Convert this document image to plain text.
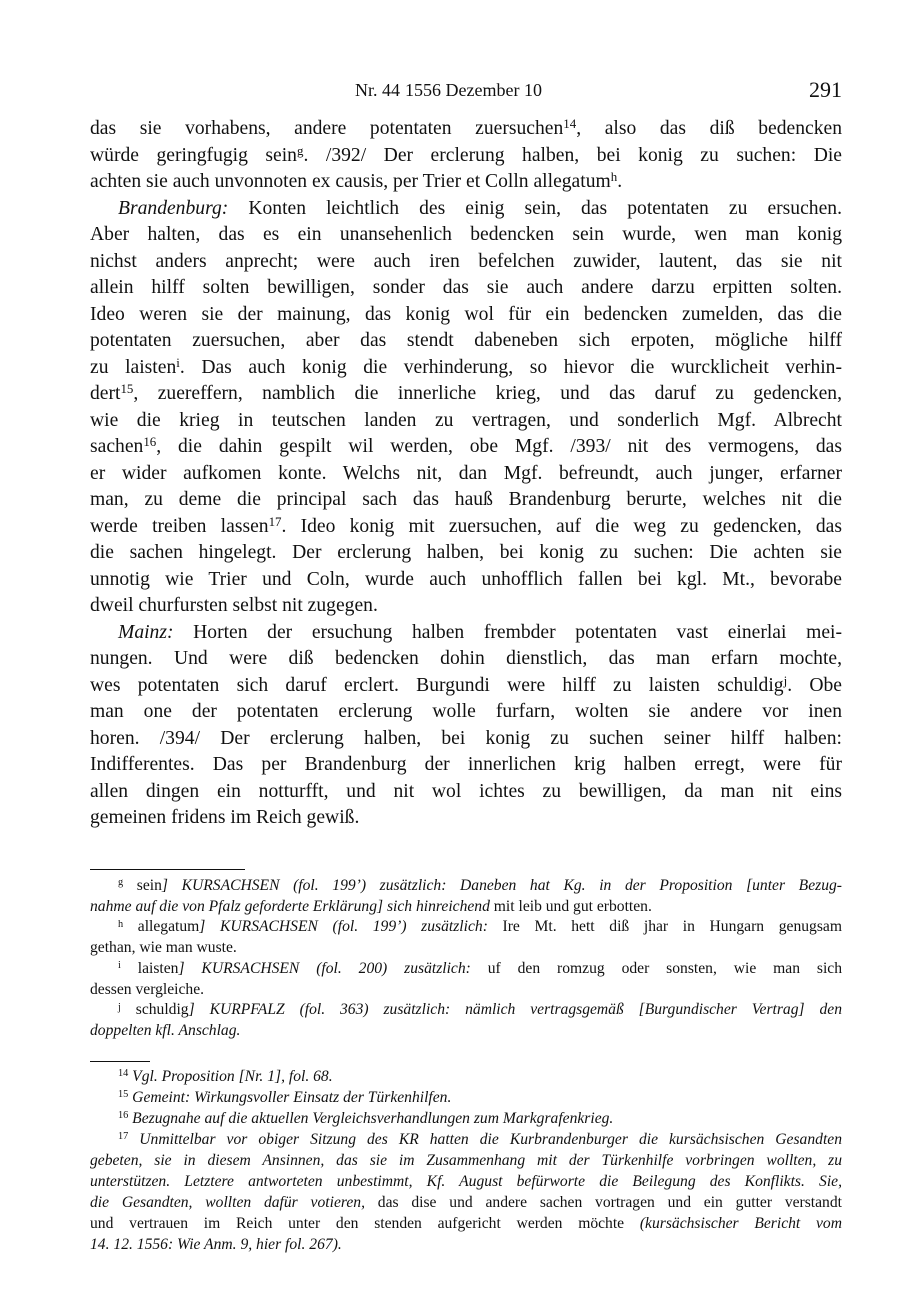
Nr. 44 1556 Dezember 10	291
das sie vorhabens, andere potentaten zuersuchen$^{14}$, also das diß bedencken
würde geringfugig sein$^g$. /392/ Der erclerung halben, bei konig zu suchen: Die
achten sie auch unvonnoten ex causis, per Trier et Colln allegatum$^h$.
Brandenburg: Konten leichtlich des einig sein, das potentaten zu ersuchen.
Aber halten, das es ein unansehenlich bedencken sein wurde, wen man konig
nichst anders anprecht; were auch iren befelchen zuwider, lautent, das sie nit
allein hilff solten bewilligen, sonder das sie auch andere darzu erpitten solten.
Ideo weren sie der mainung, das konig wol für ein bedencken zumelden, das die
potentaten zuersuchen, aber das stendt dabeneben sich erpoten, mögliche hilff
zu laisten$^i$. Das auch konig die verhinderung, so hievor die wurcklicheit verhin-
dert$^{15}$, zuereffern, namblich die innerliche krieg, und das daruf zu gedencken,
wie die krieg in teutschen landen zu vertragen, und sonderlich Mgf. Albrecht
sachen$^{16}$, die dahin gespilt wil werden, obe Mgf. /393/ nit des vermogens, das
er wider aufkomen konte. Welchs nit, dan Mgf. befreundt, auch junger, erfarner
man, zu deme die principal sach das hauß Brandenburg berurte, welches nit die
werde treiben lassen$^{17}$. Ideo konig mit zuersuchen, auf die weg zu gedencken, das
die sachen hingelegt. Der erclerung halben, bei konig zu suchen: Die achten sie
unnotig wie Trier und Coln, wurde auch unhofflich fallen bei kgl. Mt., bevorabe
dweil churfursten selbst nit zugegen.
Mainz: Horten der ersuchung halben frembder potentaten vast einerlai mei-
nungen. Und were diß bedencken dohin dienstlich, das man erfarn mochte,
wes potentaten sich daruf erclert. Burgundi were hilff zu laisten schuldig$^j$. Obe
man one der potentaten erclerung wolle furfarn, wolten sie andere vor inen
horen. /394/ Der erclerung halben, bei konig zu suchen seiner hilff halben:
Indifferentes. Das per Brandenburg der innerlichen krig halben erregt, were für
allen dingen ein notturfft, und nit wol ichtes zu bewilligen, da man nit eins
gemeinen fridens im Reich gewiß.
$^g$ sein] KURSACHSEN (fol. 199’) zusätzlich: Daneben hat Kg. in der Proposition [unter Bezug-
nahme auf die von Pfalz geforderte Erklärung] sich hinreichend mit leib und gut erbotten.
$^h$ allegatum] KURSACHSEN (fol. 199’) zusätzlich: Ire Mt. hett diß jhar in Hungarn genugsam
gethan, wie man wuste.
$^i$ laisten] KURSACHSEN (fol. 200) zusätzlich: uf den romzug oder sonsten, wie man sich
dessen vergleiche.
$^j$ schuldig] KURPFALZ (fol. 363) zusätzlich: nämlich vertragsgemäß [Burgundischer Vertrag] den
doppelten kfl. Anschlag.
$^{14}$ Vgl. Proposition [Nr. 1], fol. 68.
$^{15}$ Gemeint: Wirkungsvoller Einsatz der Türkenhilfen.
$^{16}$ Bezugnahe auf die aktuellen Vergleichsverhandlungen zum Markgrafenkrieg.
$^{17}$ Unmittelbar vor obiger Sitzung des KR hatten die Kurbrandenburger die kursächsischen Gesandten
gebeten, sie in diesem Ansinnen, das sie im Zusammenhang mit der Türkenhilfe vorbringen wollten, zu
unterstützen. Letztere antworteten unbestimmt, Kf. August befürworte die Beilegung des Konflikts. Sie,
die Gesandten, wollten dafür votieren, das dise und andere sachen vortragen und ein gutter verstandt
und vertrauen im Reich unter den stenden aufgericht werden möchte (kursächsischer Bericht vom
14. 12. 1556: Wie Anm. 9, hier fol. 267).
